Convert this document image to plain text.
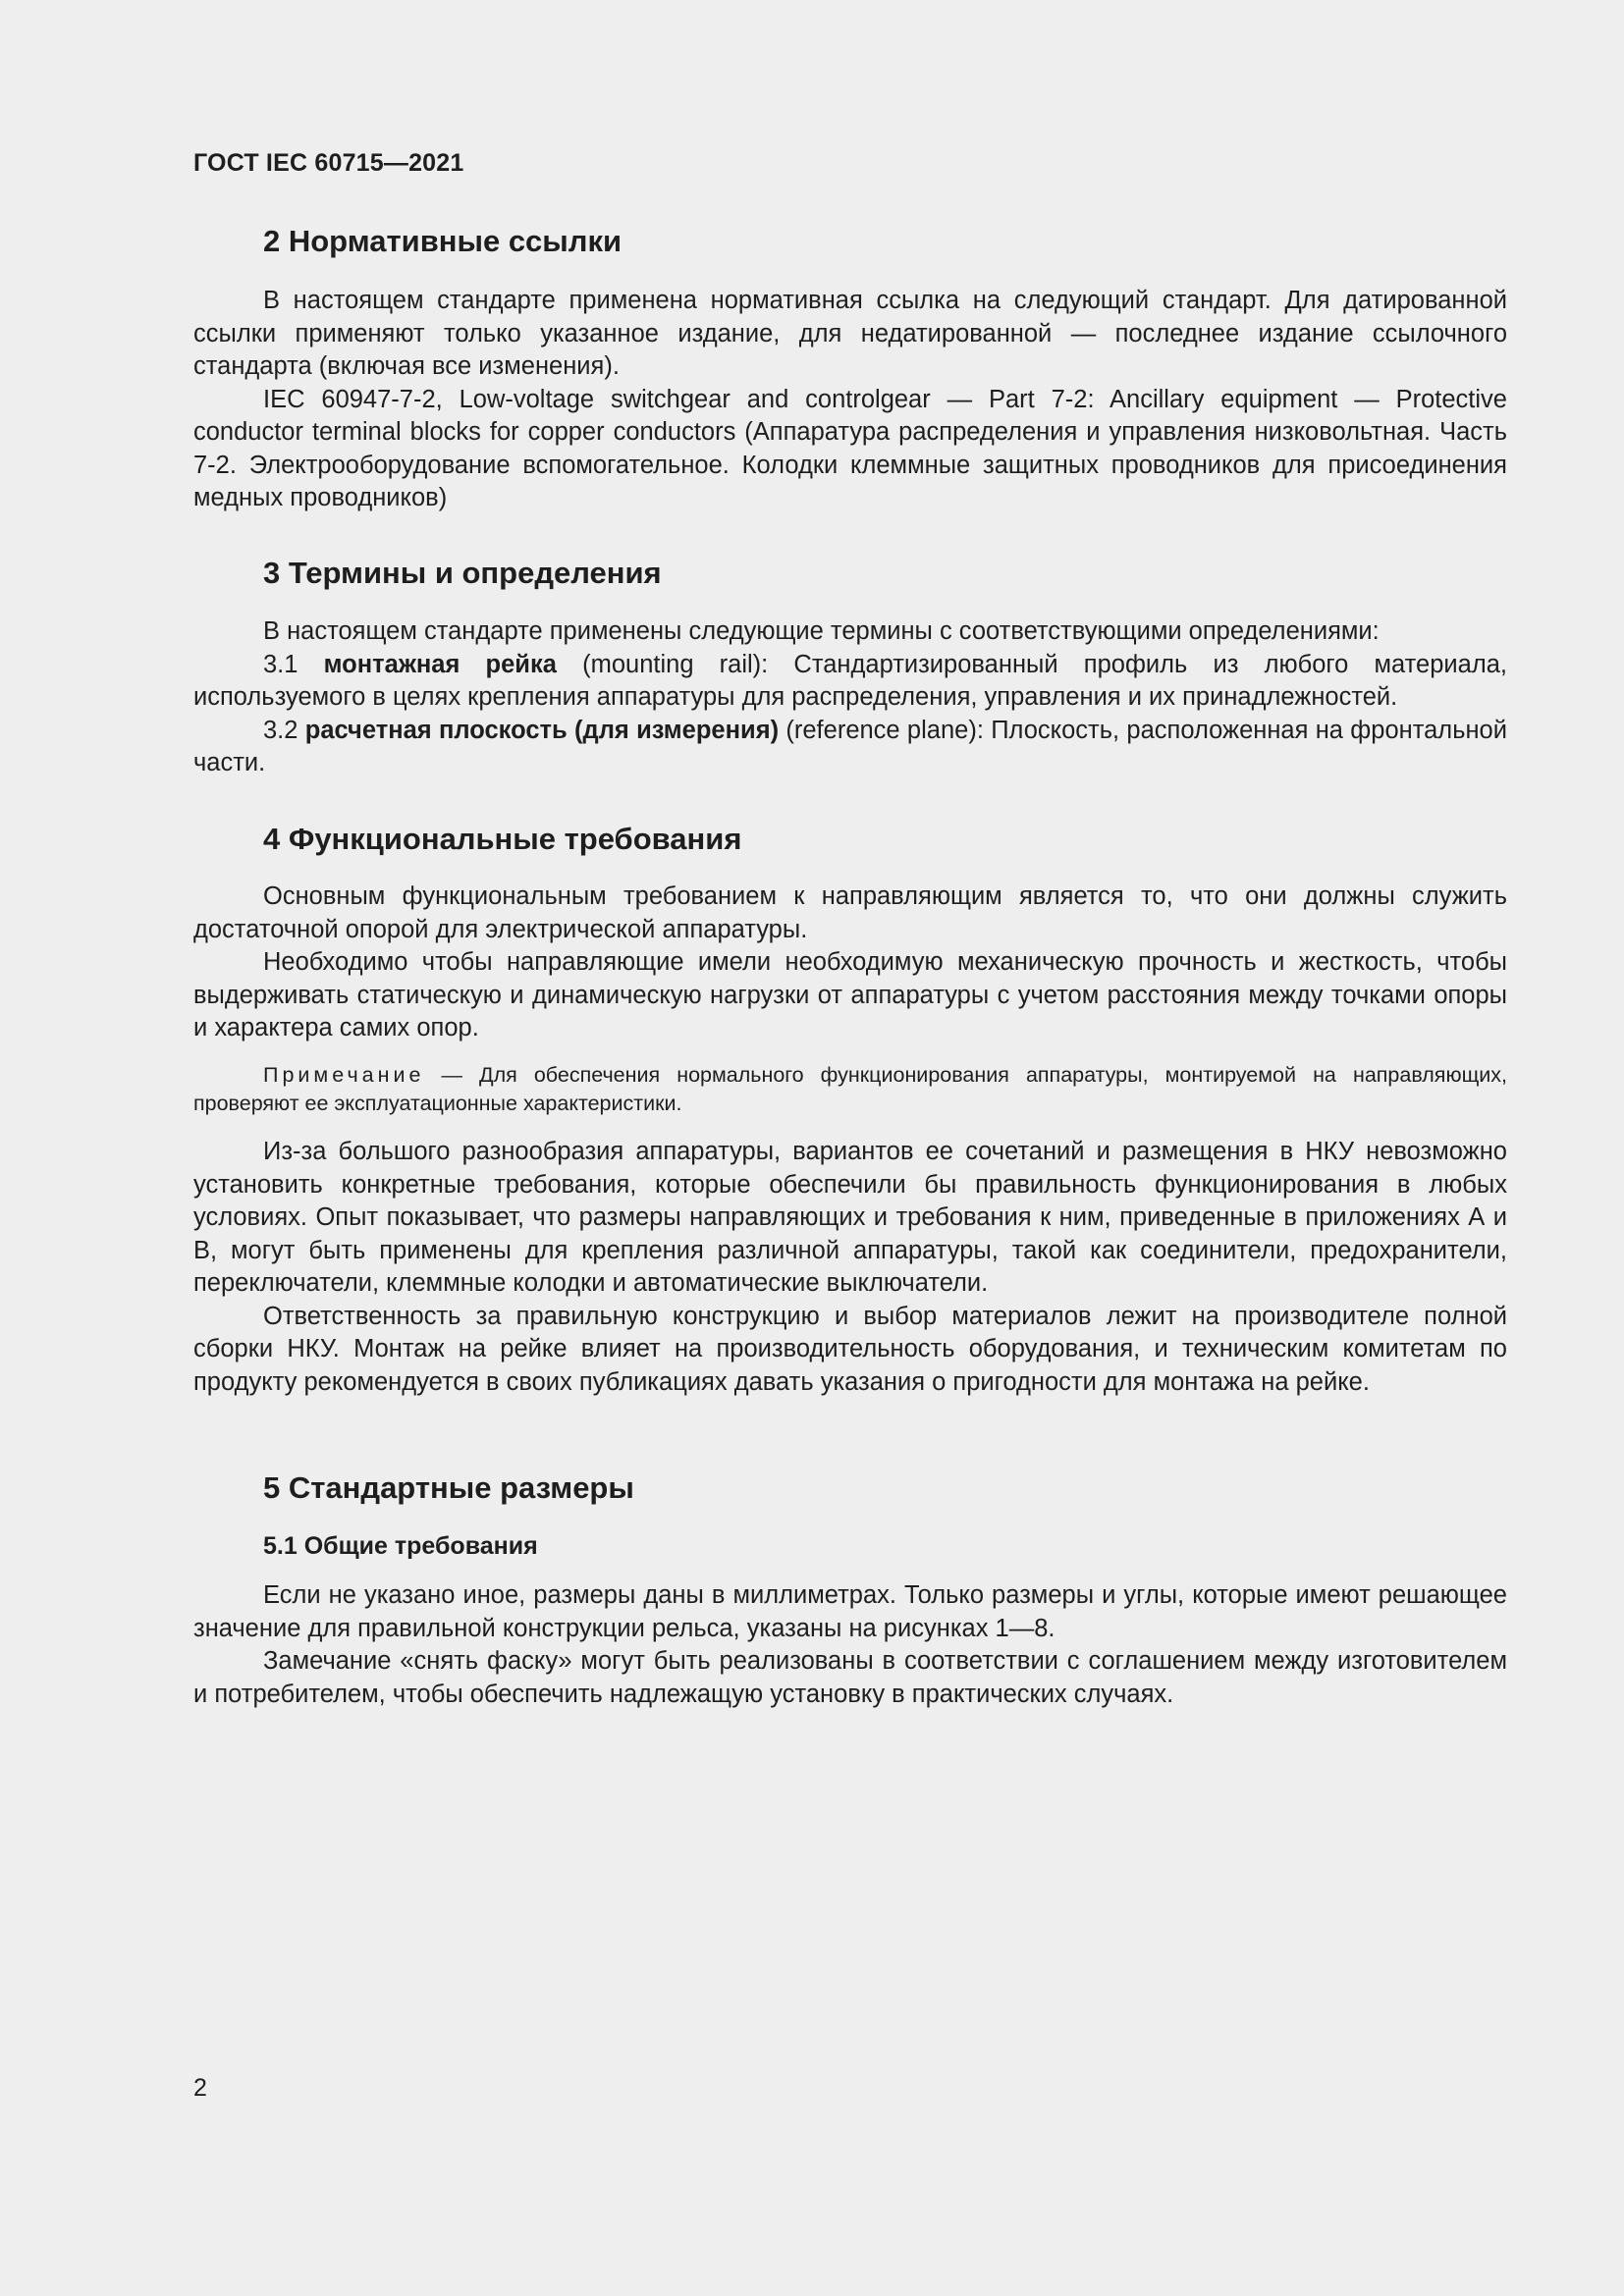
ГОСТ IEC 60715—2021
2 Нормативные ссылки

В настоящем стандарте применена нормативная ссылка на следующий стандарт. Для датированной ссылки применяют только указанное издание, для недатированной — последнее издание ссылочного стандарта (включая все изменения).

IEC 60947-7-2, Low-voltage switchgear and controlgear — Part 7-2: Ancillary equipment — Protective conductor terminal blocks for copper conductors (Аппаратура распределения и управления низковольтная. Часть 7-2. Электрооборудование вспомогательное. Колодки клеммные защитных проводников для присоединения медных проводников)

3 Термины и определения

В настоящем стандарте применены следующие термины с соответствующими определениями:

3.1 монтажная рейка (mounting rail): Стандартизированный профиль из любого материала, используемого в целях крепления аппаратуры для распределения, управления и их принадлежностей.

3.2 расчетная плоскость (для измерения) (reference plane): Плоскость, расположенная на фронтальной части.

4 Функциональные требования

Основным функциональным требованием к направляющим является то, что они должны служить достаточной опорой для электрической аппаратуры.

Необходимо чтобы направляющие имели необходимую механическую прочность и жесткость, чтобы выдерживать статическую и динамическую нагрузки от аппаратуры с учетом расстояния между точками опоры и характера самих опор.

Примечание — Для обеспечения нормального функционирования аппаратуры, монтируемой на направляющих, проверяют ее эксплуатационные характеристики.

Из-за большого разнообразия аппаратуры, вариантов ее сочетаний и размещения в НКУ невозможно установить конкретные требования, которые обеспечили бы правильность функционирования в любых условиях. Опыт показывает, что размеры направляющих и требования к ним, приведенные в приложениях А и В, могут быть применены для крепления различной аппаратуры, такой как соединители, предохранители, переключатели, клеммные колодки и автоматические выключатели.

Ответственность за правильную конструкцию и выбор материалов лежит на производителе полной сборки НКУ. Монтаж на рейке влияет на производительность оборудования, и техническим комитетам по продукту рекомендуется в своих публикациях давать указания о пригодности для монтажа на рейке.

5 Стандартные размеры
5.1 Общие требования

Если не указано иное, размеры даны в миллиметрах. Только размеры и углы, которые имеют решающее значение для правильной конструкции рельса, указаны на рисунках 1—8.

Замечание «снять фаску» могут быть реализованы в соответствии с соглашением между изготовителем и потребителем, чтобы обеспечить надлежащую установку в практических случаях.

2
